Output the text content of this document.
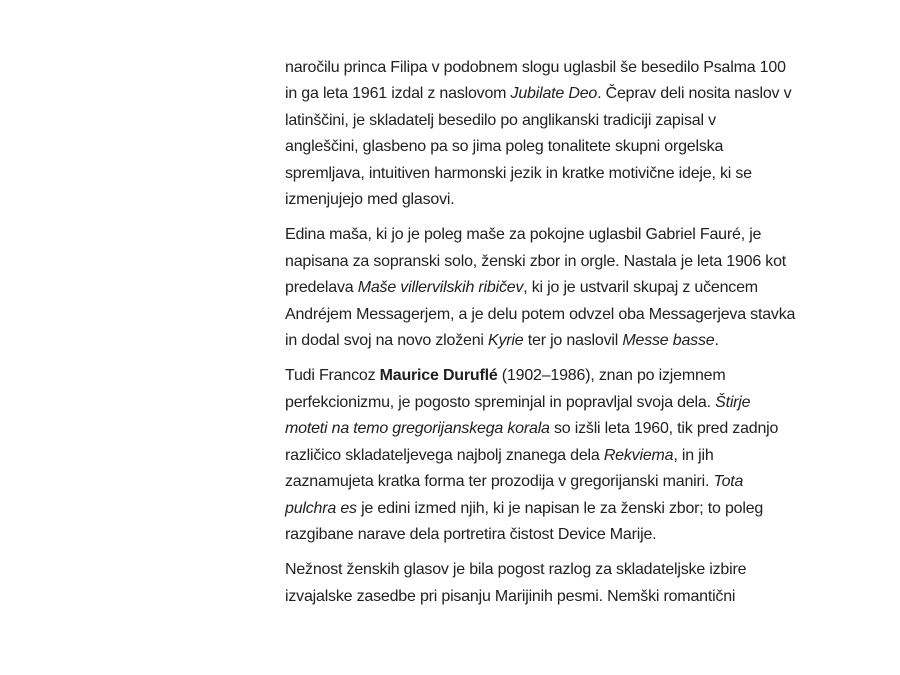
naročilu princa Filipa v podobnem slogu uglasbil še besedilo Psalma 100
in ga leta 1961 izdal z naslovom Jubilate Deo. Čeprav deli nosita naslov v
latinščini, je skladatelj besedilo po anglikanski tradiciji zapisal v
angleščini, glasbeno pa so jima poleg tonalitete skupni orgelska
spremljava, intuitiven harmonski jezik in kratke motivične ideje, ki se
izmenjujejo med glasovi.
Edina maša, ki jo je poleg maše za pokojne uglasbil Gabriel Fauré, je
napisana za sopranski solo, ženski zbor in orgle. Nastala je leta 1906 kot
predelava Maše villervilskih ribičev, ki jo je ustvaril skupaj z učencem
Andréjem Messagerjem, a je delu potem odvzel oba Messagerjeva stavka
in dodal svoj na novo zloženi Kyrie ter jo naslovil Messe basse.
Tudi Francoz Maurice Duruflé (1902–1986), znan po izjemnem
perfekcionizmu, je pogosto spreminjal in popravljal svoja dela. Štirje
moteti na temo gregorijanskega korala so izšli leta 1960, tik pred zadnjo
različico skladateljevega najbolj znanega dela Rekviema, in jih
zaznamujeta kratka forma ter prozodija v gregorijanski maniri. Tota
pulchra es je edini izmed njih, ki je napisan le za ženski zbor; to poleg
razgibane narave dela portretira čistost Device Marije.
Nežnost ženskih glasov je bila pogost razlog za skladateljske izbire
izvajalske zasedbe pri pisanju Marijinih pesmi. Nemški romantični
